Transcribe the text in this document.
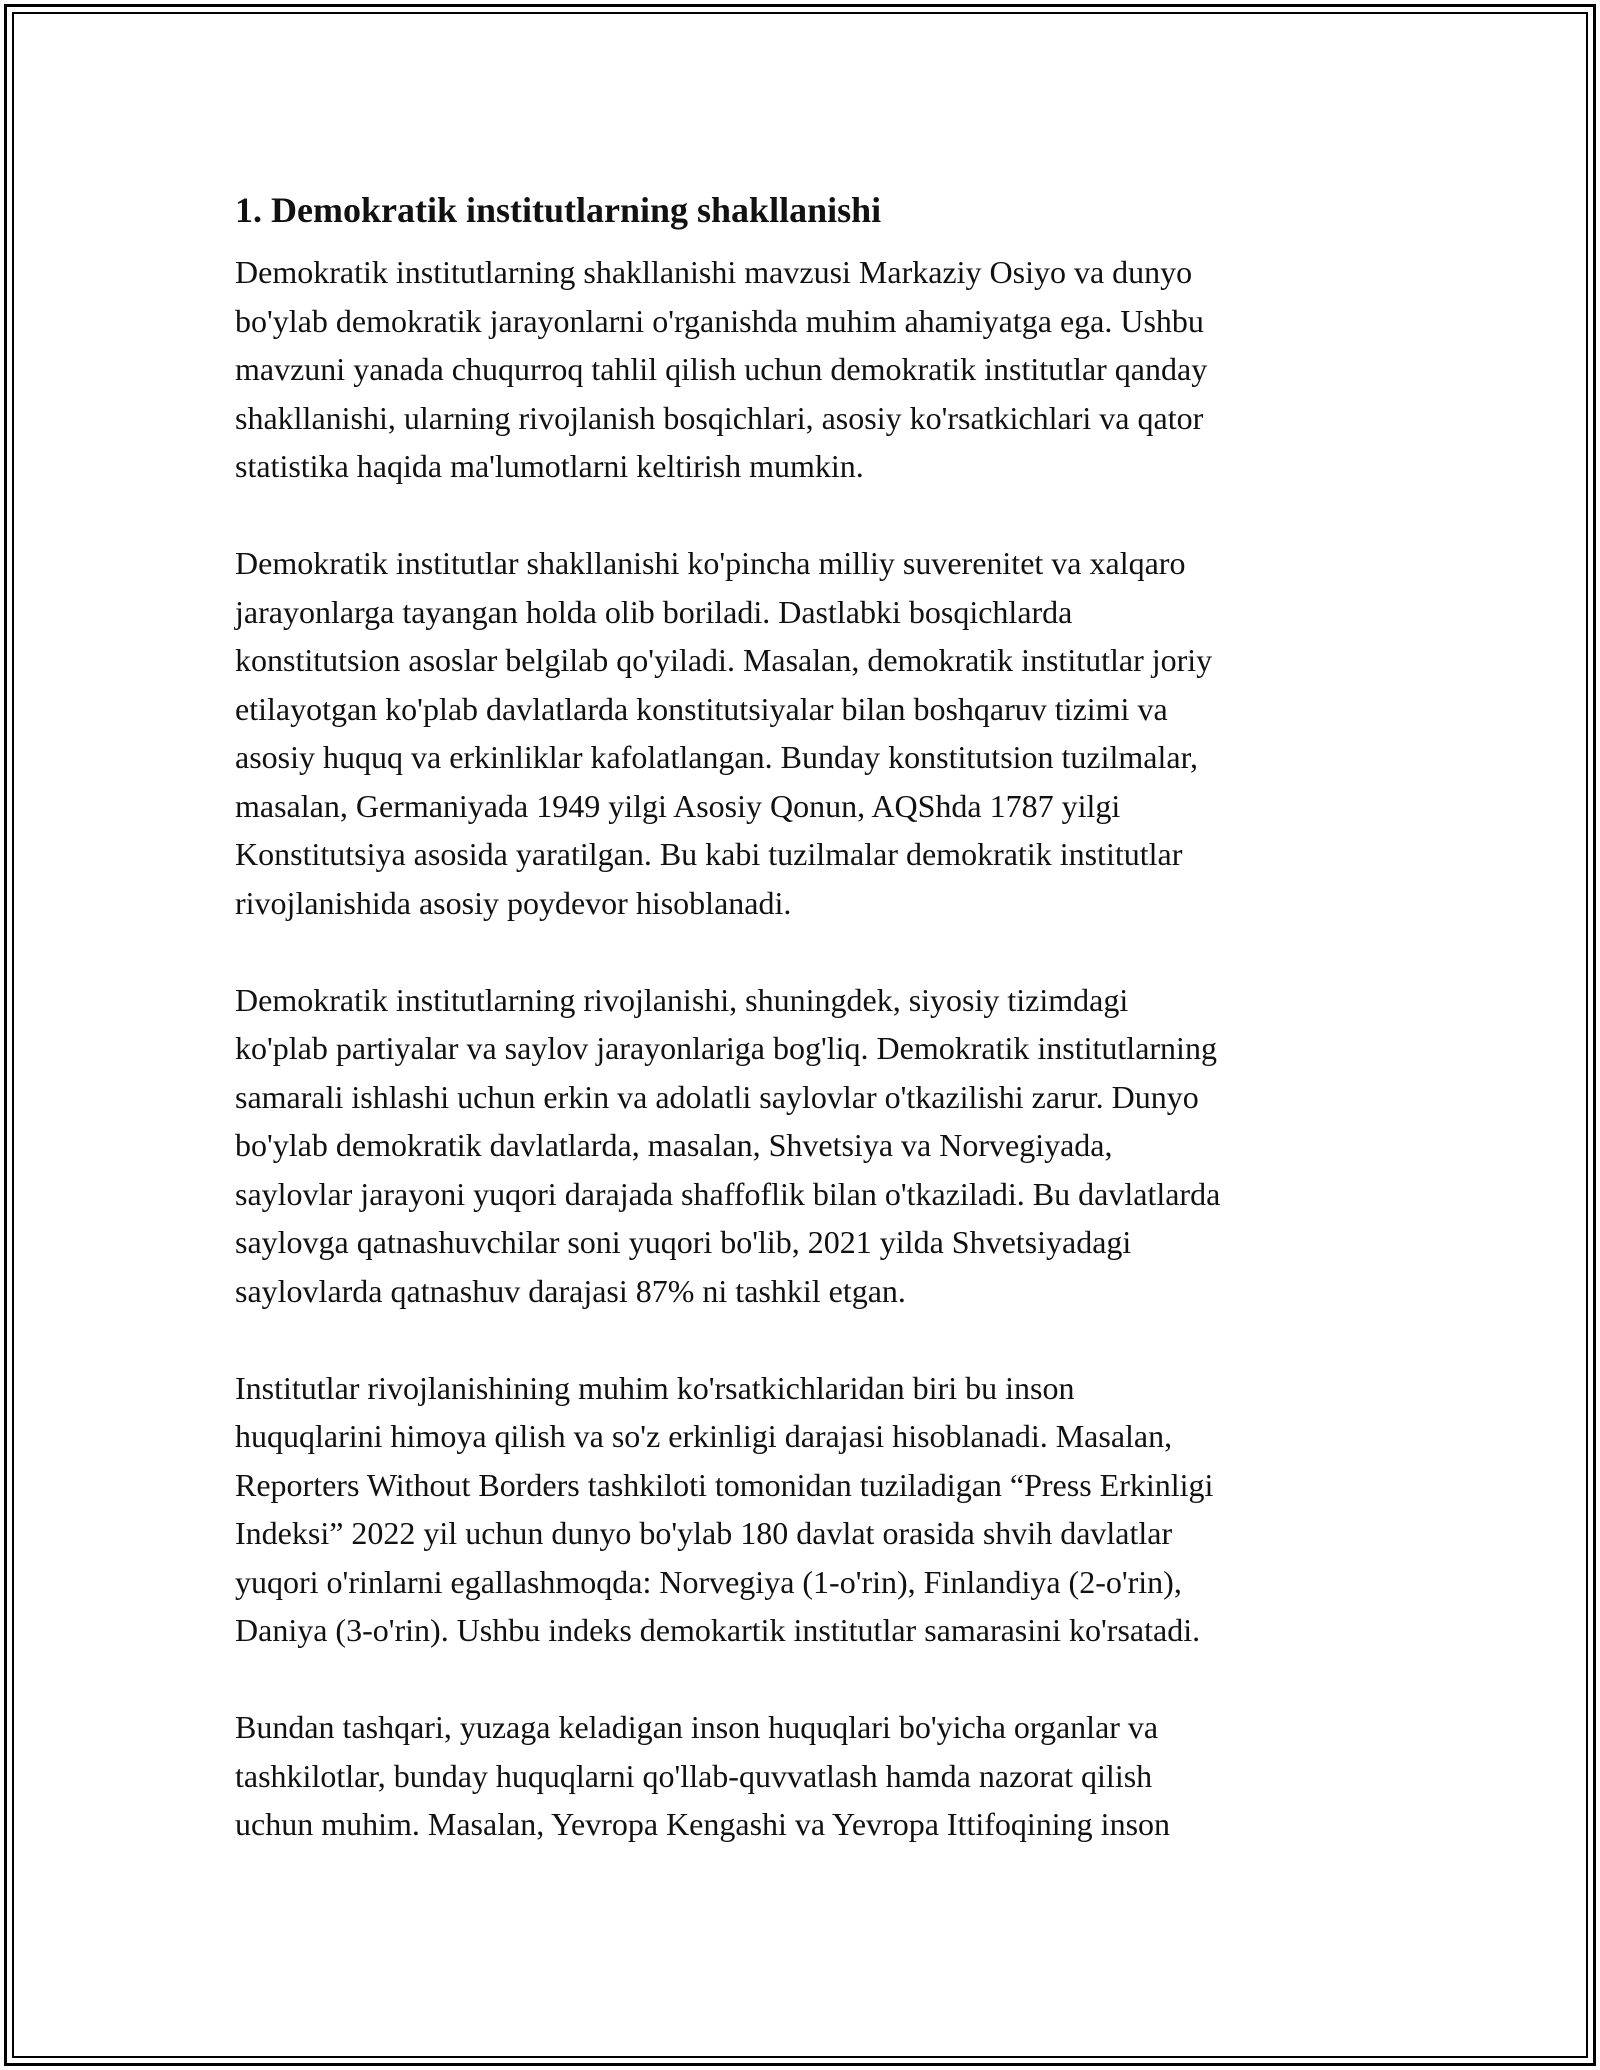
1. Demokratik institutlarning shakllanishi

Demokratik institutlarning shakllanishi mavzusi Markaziy Osiyo va dunyo
bo'ylab demokratik jarayonlarni o'rganishda muhim ahamiyatga ega. Ushbu
mavzuni yanada chuqurroq tahlil qilish uchun demokratik institutlar qanday
shakllanishi, ularning rivojlanish bosqichlari, asosiy ko'rsatkichlari va qator
statistika haqida ma'lumotlarni keltirish mumkin.

Demokratik institutlar shakllanishi ko'pincha milliy suverenitet va xalqaro
jarayonlarga tayangan holda olib boriladi. Dastlabki bosqichlarda
konstitutsion asoslar belgilab qo'yiladi. Masalan, demokratik institutlar joriy
etilayotgan ko'plab davlatlarda konstitutsiyalar bilan boshqaruv tizimi va
asosiy huquq va erkinliklar kafolatlangan. Bunday konstitutsion tuzilmalar,
masalan, Germaniyada 1949 yilgi Asosiy Qonun, AQShda 1787 yilgi
Konstitutsiya asosida yaratilgan. Bu kabi tuzilmalar demokratik institutlar
rivojlanishida asosiy poydevor hisoblanadi.

Demokratik institutlarning rivojlanishi, shuningdek, siyosiy tizimdagi
ko'plab partiyalar va saylov jarayonlariga bog'liq. Demokratik institutlarning
samarali ishlashi uchun erkin va adolatli saylovlar o'tkazilishi zarur. Dunyo
bo'ylab demokratik davlatlarda, masalan, Shvetsiya va Norvegiyada,
saylovlar jarayoni yuqori darajada shaffoflik bilan o'tkaziladi. Bu davlatlarda
saylovga qatnashuvchilar soni yuqori bo'lib, 2021 yilda Shvetsiyadagi
saylovlarda qatnashuv darajasi 87% ni tashkil etgan.

Institutlar rivojlanishining muhim ko'rsatkichlaridan biri bu inson
huquqlarini himoya qilish va so'z erkinligi darajasi hisoblanadi. Masalan,
Reporters Without Borders tashkiloti tomonidan tuziladigan “Press Erkinligi
Indeksi” 2022 yil uchun dunyo bo'ylab 180 davlat orasida shvih davlatlar
yuqori o'rinlarni egallashmoqda: Norvegiya (1-o'rin), Finlandiya (2-o'rin),
Daniya (3-o'rin). Ushbu indeks demokartik institutlar samarasini ko'rsatadi.

Bundan tashqari, yuzaga keladigan inson huquqlari bo'yicha organlar va
tashkilotlar, bunday huquqlarni qo'llab-quvvatlash hamda nazorat qilish
uchun muhim. Masalan, Yevropa Kengashi va Yevropa Ittifoqining inson
